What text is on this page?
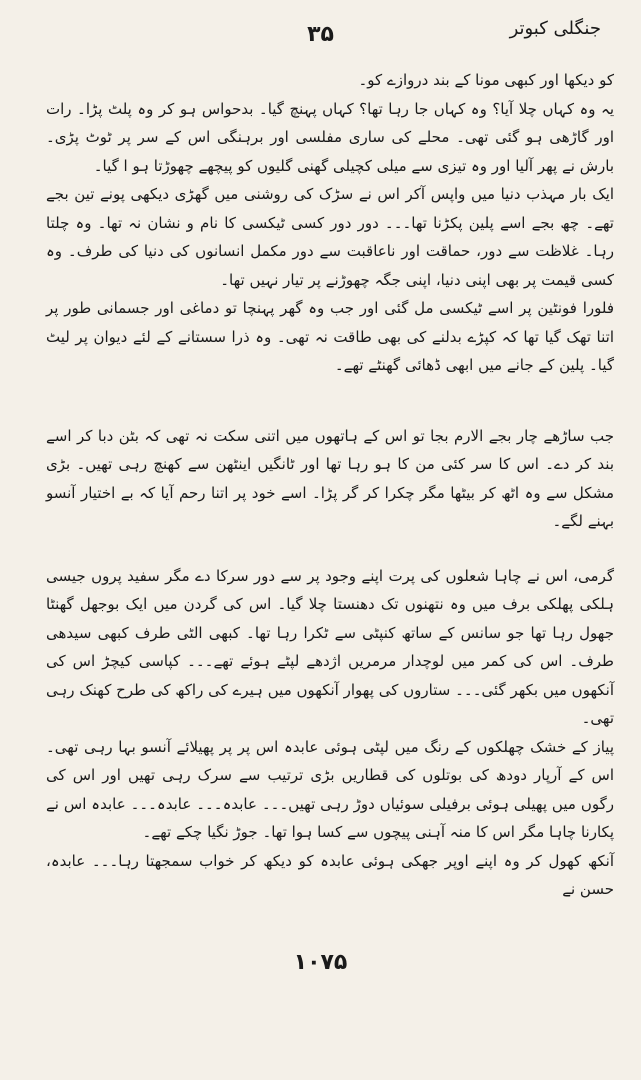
جنگلی کبوتر
۳۵

کو دیکھا اور کبھی مونا کے بند دروازے کو۔

یہ وہ کہاں چلا آیا؟ وہ کہاں جا رہا تھا؟ کہاں پہنچ گیا۔ بدحواس ہو کر وہ پلٹ پڑا۔ رات اور گاڑھی ہو گئی تھی۔ محلے کی ساری مفلسی اور برہنگی اس کے سر پر ٹوٹ پڑی۔ بارش نے پھر آلیا اور وہ تیزی سے میلی کچیلی گھنی گلیوں کو پیچھے چھوڑتا ہو ا گیا۔

ایک بار مہذب دنیا میں واپس آکر اس نے سڑک کی روشنی میں گھڑی دیکھی پونے تین بجے تھے۔ چھ بجے اسے پلین پکڑنا تھا۔۔۔ دور دور کسی ٹیکسی کا نام و نشان نہ تھا۔ وہ چلتا رہا۔ غلاظت سے دور، حماقت اور ناعاقبت سے دور مکمل انسانوں کی دنیا کی طرف۔ وہ کسی قیمت پر بھی اپنی دنیا، اپنی جگہ چھوڑنے پر تیار نہیں تھا۔

فلورا فونٹین پر اسے ٹیکسی مل گئی اور جب وہ گھر پہنچا تو دماغی اور جسمانی طور پر اتنا تھک گیا تھا کہ کپڑے بدلنے کی بھی طاقت نہ تھی۔ وہ ذرا سستانے کے لئے دیوان پر لیٹ گیا۔ پلین کے جانے میں ابھی ڈھائی گھنٹے تھے۔

جب ساڑھے چار بجے الارم بجا تو اس کے ہاتھوں میں اتنی سکت نہ تھی کہ بٹن دبا کر اسے بند کر دے۔ اس کا سر کئی من کا ہو رہا تھا اور ٹانگیں اینٹھن سے کھنچ رہی تھیں۔ بڑی مشکل سے وہ اٹھ کر بیٹھا مگر چکرا کر گر پڑا۔ اسے خود پر اتنا رحم آیا کہ بے اختیار آنسو بہنے لگے۔

گرمی، اس نے چاہا شعلوں کی پرت اپنے وجود پر سے دور سرکا دے مگر سفید پروں جیسی ہلکی پھلکی برف میں وہ نتھنوں تک دھنستا چلا گیا۔ اس کی گردن میں ایک بوجھل گھنٹا جھول رہا تھا جو سانس کے ساتھ کنپٹی سے ٹکرا رہا تھا۔ کبھی الٹی طرف کبھی سیدھی طرف۔ اس کی کمر میں لوچدار مرمریں اژدھے لپٹے ہوئے تھے۔۔۔ کپاسی کیچڑ اس کی آنکھوں میں بکھر گئی۔۔۔ ستاروں کی پھوار آنکھوں میں ہیرے کی راکھ کی طرح کھنک رہی تھی۔

پیاز کے خشک چھلکوں کے رنگ میں لپٹی ہوئی عابدہ اس پر پر پھیلائے آنسو بہا رہی تھی۔ اس کے آرپار دودھ کی بوتلوں کی قطاریں بڑی ترتیب سے سرک رہی تھیں اور اس کی رگوں میں پھیلی ہوئی برفیلی سوئیاں دوڑ رہی تھیں۔۔۔ عابدہ۔۔۔ عابدہ۔۔۔ عابدہ اس نے پکارنا چاہا مگر اس کا منہ آہنی پیچوں سے کسا ہوا تھا۔ جوڑ نگیا چکے تھے۔

آنکھ کھول کر وہ اپنے اوپر جھکی ہوئی عابدہ کو دیکھ کر خواب سمجھتا رہا۔۔۔ عابدہ، حسن نے

۱۰۷۵
